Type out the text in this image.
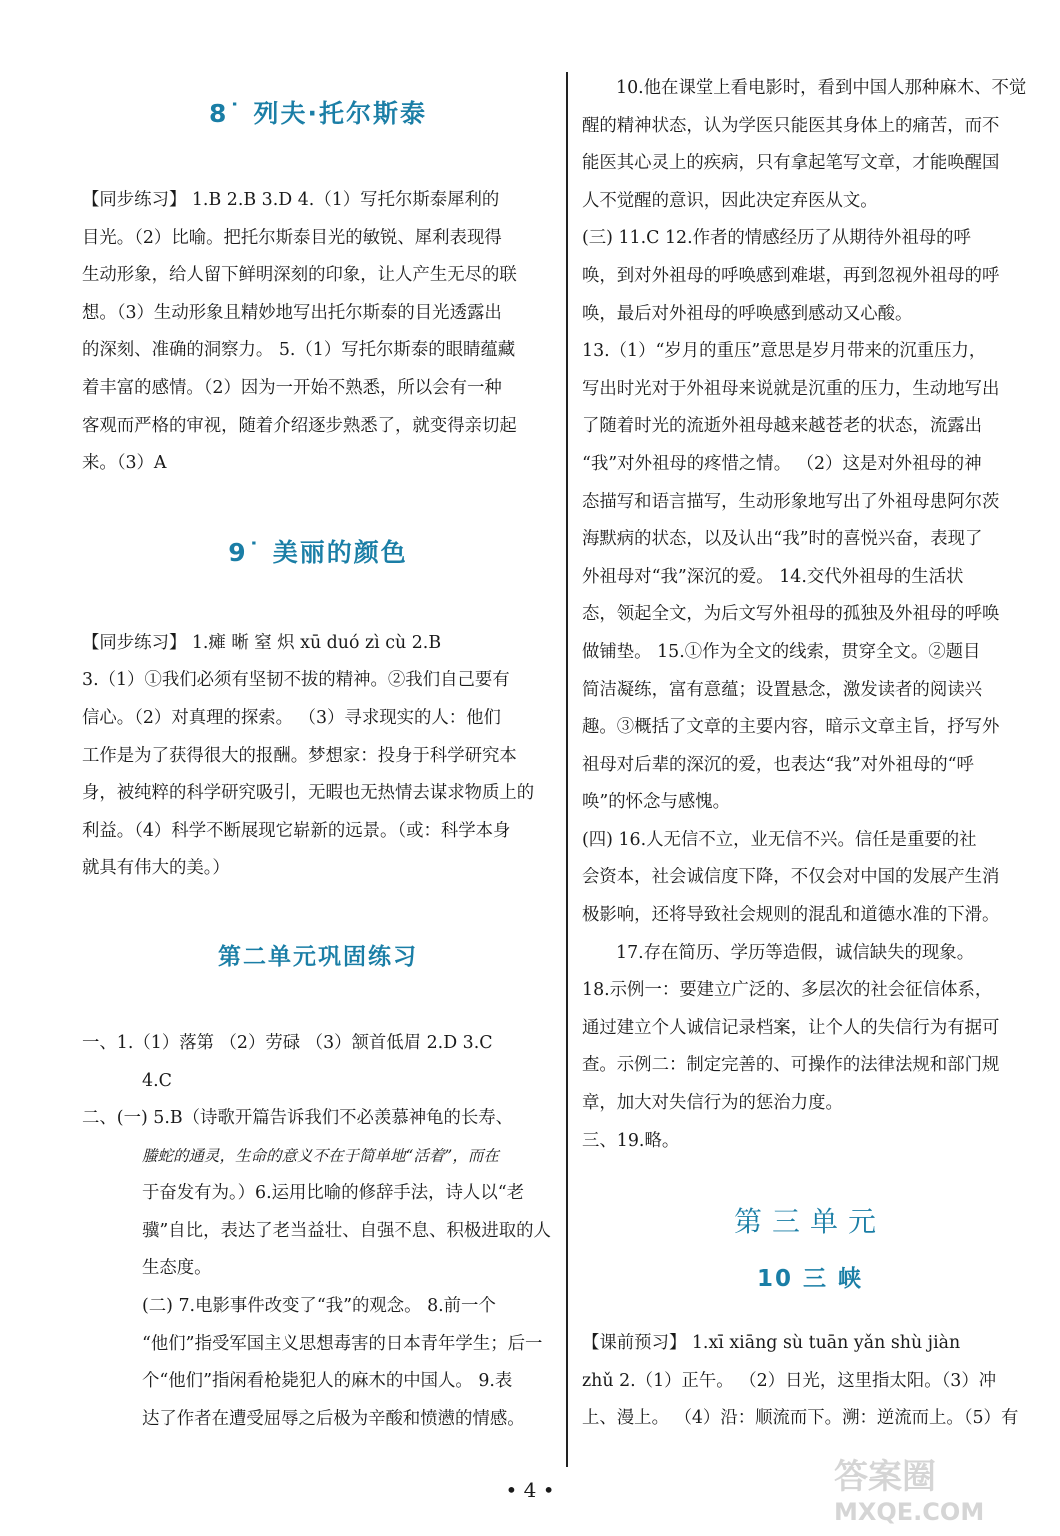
8˙ 列夫·托尔斯泰
【同步练习】 1.B 2.B 3.D 4.（1）写托尔斯泰犀利的
目光。（2）比喻。把托尔斯泰目光的敏锐、犀利表现得
生动形象，给人留下鲜明深刻的印象，让人产生无尽的联
想。（3）生动形象且精妙地写出托尔斯泰的目光透露出
的深刻、准确的洞察力。 5.（1）写托尔斯泰的眼睛蕴藏
着丰富的感情。（2）因为一开始不熟悉，所以会有一种
客观而严格的审视，随着介绍逐步熟悉了，就变得亲切起
来。（3）A
9˙ 美丽的颜色
【同步练习】 1.瘫 晰 窒 炽 xū duó zì cù 2.B
3.（1）①我们必须有坚韧不拔的精神。②我们自己要有
信心。（2）对真理的探索。 （3）寻求现实的人：他们
工作是为了获得很大的报酬。梦想家：投身于科学研究本
身，被纯粹的科学研究吸引，无暇也无热情去谋求物质上的
利益。（4）科学不断展现它崭新的远景。（或：科学本身
就具有伟大的美。）
第二单元巩固练习
一、1.（1）落第 （2）劳碌 （3）颔首低眉 2.D 3.C
4.C
二、(一) 5.B（诗歌开篇告诉我们不必羡慕神龟的长寿、
螣蛇的通灵，生命的意义不在于简单地“活着”，而在
于奋发有为。）6.运用比喻的修辞手法，诗人以“老
骥”自比，表达了老当益壮、自强不息、积极进取的人
生态度。
(二) 7.电影事件改变了“我”的观念。 8.前一个
“他们”指受军国主义思想毒害的日本青年学生；后一
个“他们”指闲看枪毙犯人的麻木的中国人。 9.表
达了作者在遭受屈辱之后极为辛酸和愤懑的情感。
10.他在课堂上看电影时，看到中国人那种麻木、不觉
醒的精神状态，认为学医只能医其身体上的痛苦，而不
能医其心灵上的疾病，只有拿起笔写文章，才能唤醒国
人不觉醒的意识，因此决定弃医从文。
(三) 11.C 12.作者的情感经历了从期待外祖母的呼
唤，到对外祖母的呼唤感到难堪，再到忽视外祖母的呼
唤，最后对外祖母的呼唤感到感动又心酸。
13.（1）“岁月的重压”意思是岁月带来的沉重压力，
写出时光对于外祖母来说就是沉重的压力，生动地写出
了随着时光的流逝外祖母越来越苍老的状态，流露出
“我”对外祖母的疼惜之情。 （2）这是对外祖母的神
态描写和语言描写，生动形象地写出了外祖母患阿尔茨
海默病的状态，以及认出“我”时的喜悦兴奋，表现了
外祖母对“我”深沉的爱。 14.交代外祖母的生活状
态，领起全文，为后文写外祖母的孤独及外祖母的呼唤
做铺垫。 15.①作为全文的线索，贯穿全文。②题目
简洁凝练，富有意蕴；设置悬念，激发读者的阅读兴
趣。③概括了文章的主要内容，暗示文章主旨，抒写外
祖母对后辈的深沉的爱，也表达“我”对外祖母的“呼
唤”的怀念与感愧。
(四) 16.人无信不立，业无信不兴。信任是重要的社
会资本，社会诚信度下降，不仅会对中国的发展产生消
极影响，还将导致社会规则的混乱和道德水准的下滑。
17.存在简历、学历等造假，诚信缺失的现象。
18.示例一：要建立广泛的、多层次的社会征信体系，
通过建立个人诚信记录档案，让个人的失信行为有据可
查。示例二：制定完善的、可操作的法律法规和部门规
章，加大对失信行为的惩治力度。
三、19.略。
第三单元
10 三 峡
【课前预习】 1.xī xiāng sù tuān yǎn shù jiàn
zhǔ 2.（1）正午。 （2）日光，这里指太阳。（3）冲
上、漫上。 （4）沿：顺流而下。溯：逆流而上。（5）有
• 4 •	答案圈
MXQE.COM
